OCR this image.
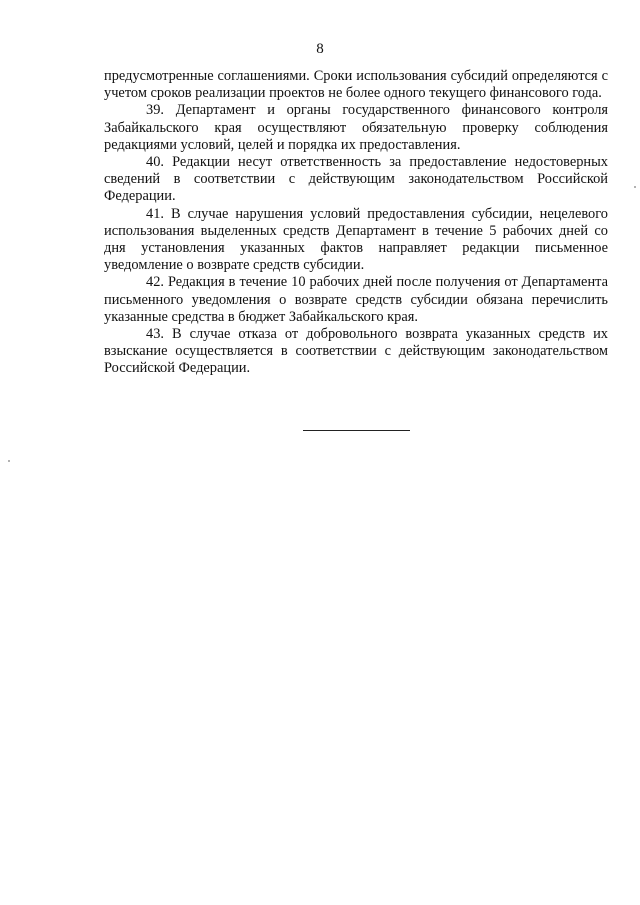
8

предусмотренные соглашениями. Сроки использования субсидий определяются с учетом сроков реализации проектов не более одного текущего финансового года.

39. Департамент и органы государственного финансового контроля Забайкальского края осуществляют обязательную проверку соблюдения редакциями условий, целей и порядка их предоставления.

40. Редакции несут ответственность за предоставление недостоверных сведений в соответствии с действующим законодательством Российской Федерации.

41. В случае нарушения условий предоставления субсидии, нецелевого использования выделенных средств Департамент в течение 5 рабочих дней со дня установления указанных фактов направляет редакции письменное уведомление о возврате средств субсидии.

42. Редакция в течение 10 рабочих дней после получения от Департамента письменного уведомления о возврате средств субсидии обязана перечислить указанные средства в бюджет Забайкальского края.

43. В случае отказа от добровольного возврата указанных средств их взыскание осуществляется в соответствии с действующим законодательством Российской Федерации.
